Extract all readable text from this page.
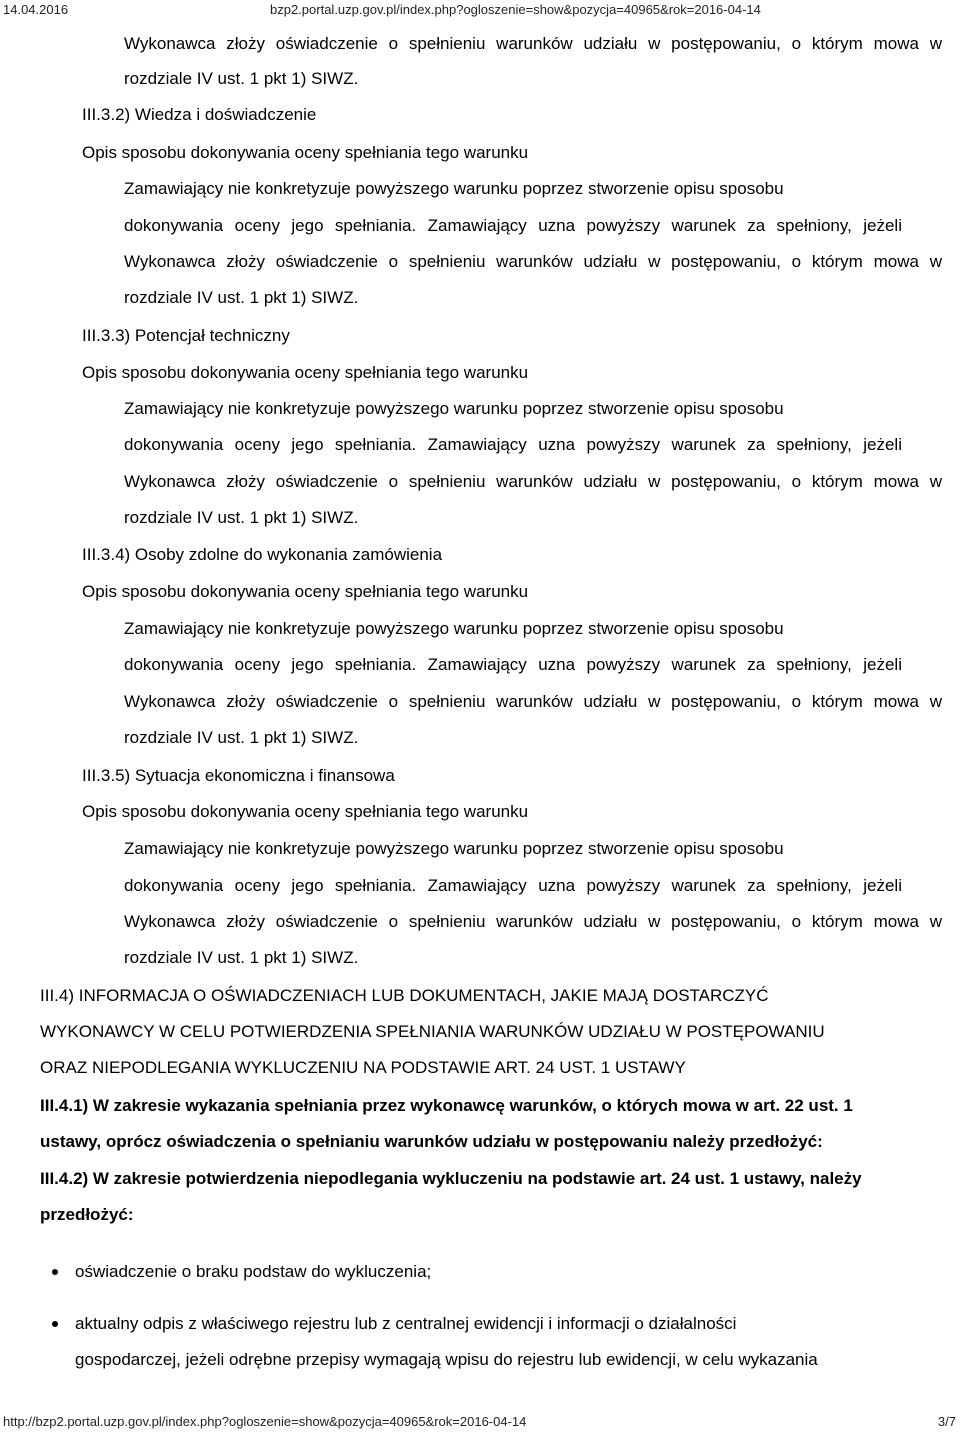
14.04.2016	bzp2.portal.uzp.gov.pl/index.php?ogloszenie=show&pozycja=40965&rok=2016-04-14
Wykonawca złoży oświadczenie o spełnieniu warunków udziału w postępowaniu, o którym mowa w
rozdziale IV ust. 1 pkt 1) SIWZ.
III.3.2) Wiedza i doświadczenie
Opis sposobu dokonywania oceny spełniania tego warunku
Zamawiający nie konkretyzuje powyższego warunku poprzez stworzenie opisu sposobu
dokonywania oceny jego spełniania. Zamawiający uzna powyższy warunek za spełniony, jeżeli
Wykonawca złoży oświadczenie o spełnieniu warunków udziału w postępowaniu, o którym mowa w
rozdziale IV ust. 1 pkt 1) SIWZ.
III.3.3) Potencjał techniczny
Opis sposobu dokonywania oceny spełniania tego warunku
Zamawiający nie konkretyzuje powyższego warunku poprzez stworzenie opisu sposobu
dokonywania oceny jego spełniania. Zamawiający uzna powyższy warunek za spełniony, jeżeli
Wykonawca złoży oświadczenie o spełnieniu warunków udziału w postępowaniu, o którym mowa w
rozdziale IV ust. 1 pkt 1) SIWZ.
III.3.4) Osoby zdolne do wykonania zamówienia
Opis sposobu dokonywania oceny spełniania tego warunku
Zamawiający nie konkretyzuje powyższego warunku poprzez stworzenie opisu sposobu
dokonywania oceny jego spełniania. Zamawiający uzna powyższy warunek za spełniony, jeżeli
Wykonawca złoży oświadczenie o spełnieniu warunków udziału w postępowaniu, o którym mowa w
rozdziale IV ust. 1 pkt 1) SIWZ.
III.3.5) Sytuacja ekonomiczna i finansowa
Opis sposobu dokonywania oceny spełniania tego warunku
Zamawiający nie konkretyzuje powyższego warunku poprzez stworzenie opisu sposobu
dokonywania oceny jego spełniania. Zamawiający uzna powyższy warunek za spełniony, jeżeli
Wykonawca złoży oświadczenie o spełnieniu warunków udziału w postępowaniu, o którym mowa w
rozdziale IV ust. 1 pkt 1) SIWZ.
III.4) INFORMACJA O OŚWIADCZENIACH LUB DOKUMENTACH, JAKIE MAJĄ DOSTARCZYĆ
WYKONAWCY W CELU POTWIERDZENIA SPEŁNIANIA WARUNKÓW UDZIAŁU W POSTĘPOWANIU
ORAZ NIEPODLEGANIA WYKLUCZENIU NA PODSTAWIE ART. 24 UST. 1 USTAWY
III.4.1) W zakresie wykazania spełniania przez wykonawcę warunków, o których mowa w art. 22 ust. 1
ustawy, oprócz oświadczenia o spełnianiu warunków udziału w postępowaniu należy przedłożyć:
III.4.2) W zakresie potwierdzenia niepodlegania wykluczeniu na podstawie art. 24 ust. 1 ustawy, należy
przedłożyć:
oświadczenie o braku podstaw do wykluczenia;
aktualny odpis z właściwego rejestru lub z centralnej ewidencji i informacji o działalności
gospodarczej, jeżeli odrębne przepisy wymagają wpisu do rejestru lub ewidencji, w celu wykazania
http://bzp2.portal.uzp.gov.pl/index.php?ogloszenie=show&pozycja=40965&rok=2016-04-14	3/7
